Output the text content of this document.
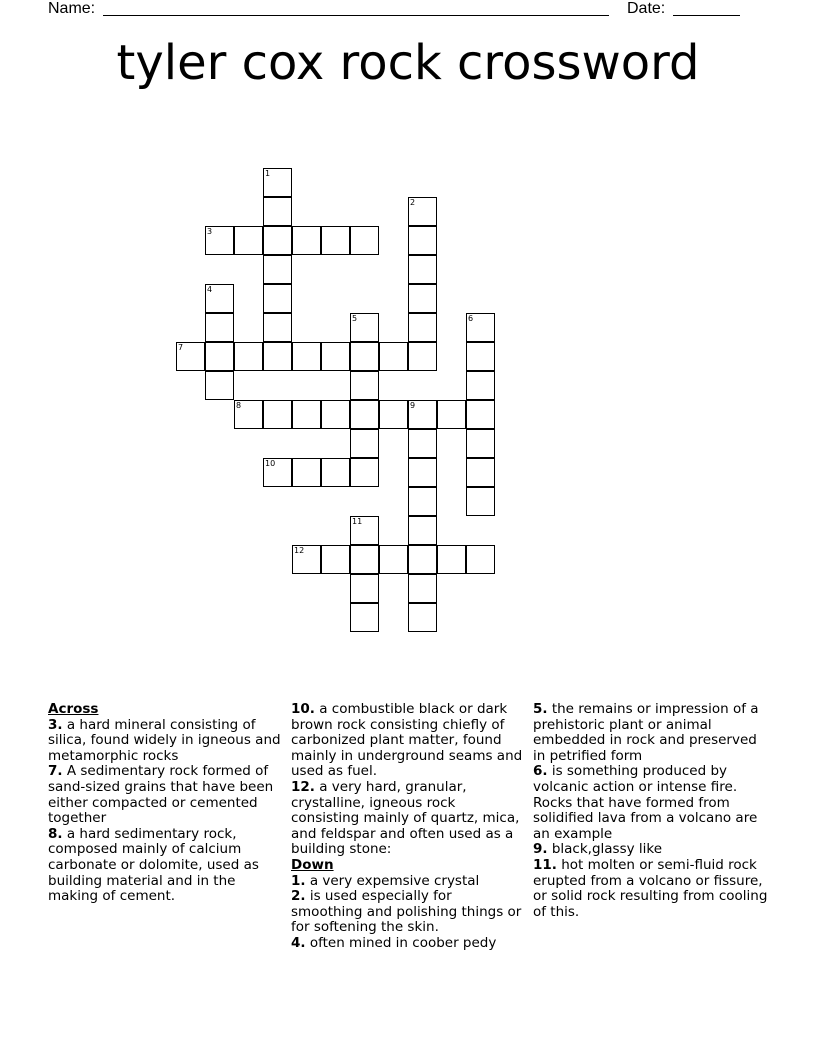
Name:	Date:
tyler cox rock crossword
1
2
3
4
5	6
7
8	9
10
11
12

Across

3. a hard mineral consisting of silica, found widely in igneous and metamorphic rocks

7. A sedimentary rock formed of sand-sized grains that have been either compacted or cemented together

8. a hard sedimentary rock, composed mainly of calcium carbonate or dolomite, used as building material and in the making of cement.

10. a combustible black or dark brown rock consisting chiefly of carbonized plant matter, found mainly in underground seams and used as fuel.

12. a very hard, granular, crystalline, igneous rock consisting mainly of quartz, mica, and feldspar and often used as a building stone:

Down

1. a very expemsive crystal

2. is used especially for smoothing and polishing things or for softening the skin.

4. often mined in coober pedy

5. the remains or impression of a prehistoric plant or animal embedded in rock and preserved in petrified form

6. is something produced by volcanic action or intense fire. Rocks that have formed from solidified lava from a volcano are an example

9. black,glassy like

11. hot molten or semi-fluid rock erupted from a volcano or fissure, or solid rock resulting from cooling of this.
